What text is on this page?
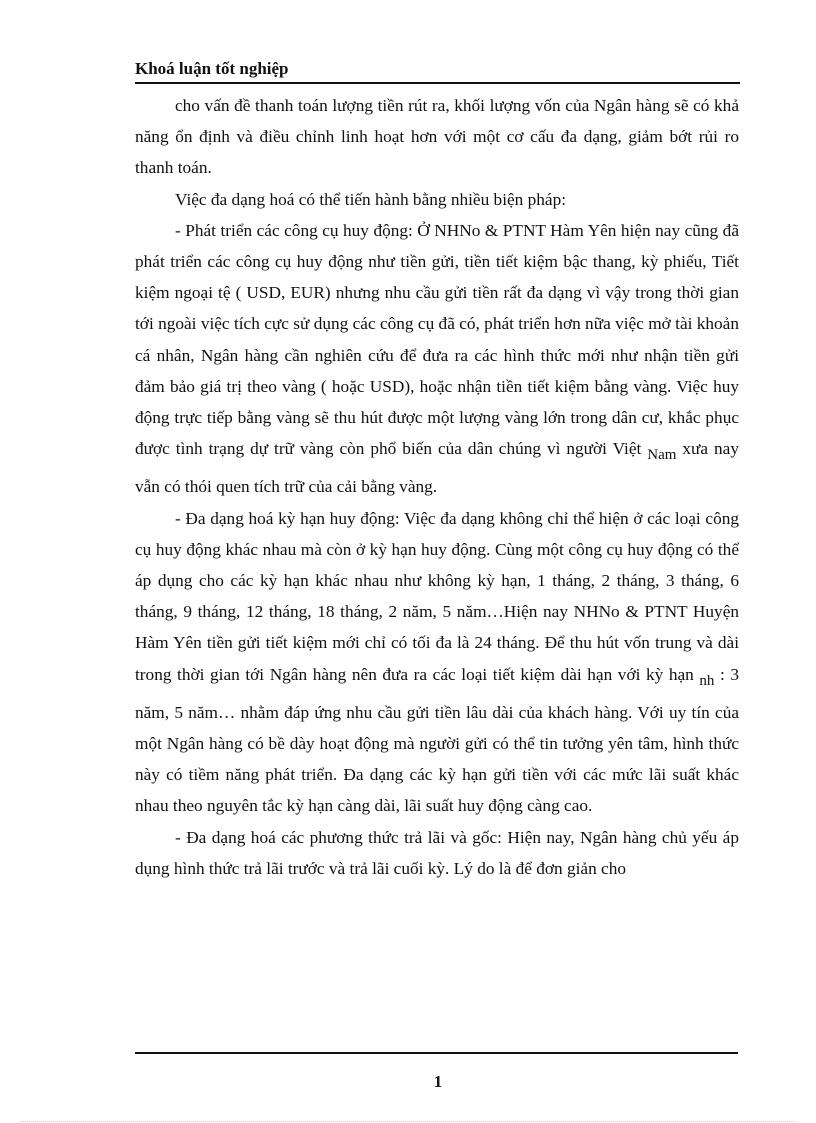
Khoá luận tốt nghiệp

cho vấn đề thanh toán lượng tiền rút ra, khối lượng vốn của Ngân hàng sẽ có khả năng ổn định và điều chỉnh linh hoạt hơn với một cơ cấu đa dạng, giảm bớt rủi ro thanh toán.

Việc đa dạng hoá có thể tiến hành bằng nhiều biện pháp:

- Phát triển các công cụ huy động: Ở NHNo & PTNT Hàm Yên hiện nay cũng đã phát triển các công cụ huy động như tiền gửi, tiền tiết kiệm bậc thang, kỳ phiếu, Tiết kiệm ngoại tệ ( USD, EUR) nhưng nhu cầu gửi tiền rất đa dạng vì vậy trong thời gian tới ngoài việc tích cực sử dụng các công cụ đã có, phát triển hơn nữa việc mở tài khoản cá nhân, Ngân hàng cần nghiên cứu để đưa ra các hình thức mới như nhận tiền gửi đảm bảo giá trị theo vàng ( hoặc USD), hoặc nhận tiền tiết kiệm bằng vàng. Việc huy động trực tiếp bằng vàng sẽ thu hút được một lượng vàng lớn trong dân cư, khắc phục được tình trạng dự trữ vàng còn phổ biến của dân chúng vì người Việt Nam xưa nay vẫn có thói quen tích trữ của cải bằng vàng.

- Đa dạng hoá kỳ hạn huy động: Việc đa dạng không chỉ thể hiện ở các loại công cụ huy động khác nhau mà còn ở kỳ hạn huy động. Cùng một công cụ huy động có thể áp dụng cho các kỳ hạn khác nhau như không kỳ hạn, 1 tháng, 2 tháng, 3 tháng, 6 tháng, 9 tháng, 12 tháng, 18 tháng, 2 năm, 5 năm…Hiện nay NHNo & PTNT Huyện Hàm Yên tiền gửi tiết kiệm mới chỉ có tối đa là 24 tháng. Để thu hút vốn trung và dài trong thời gian tới Ngân hàng nên đưa ra các loại tiết kiệm dài hạn với kỳ hạn nh : 3 năm, 5 năm… nhằm đáp ứng nhu cầu gửi tiền lâu dài của khách hàng. Với uy tín của một Ngân hàng có bề dày hoạt động mà người gửi có thể tin tưởng yên tâm, hình thức này có tiềm năng phát triển. Đa dạng các kỳ hạn gửi tiền với các mức lãi suất khác nhau theo nguyên tắc kỳ hạn càng dài, lãi suất huy động càng cao.

- Đa dạng hoá các phương thức trả lãi và gốc: Hiện nay, Ngân hàng chủ yếu áp dụng hình thức trả lãi trước và trả lãi cuối kỳ. Lý do là để đơn giản cho

1
